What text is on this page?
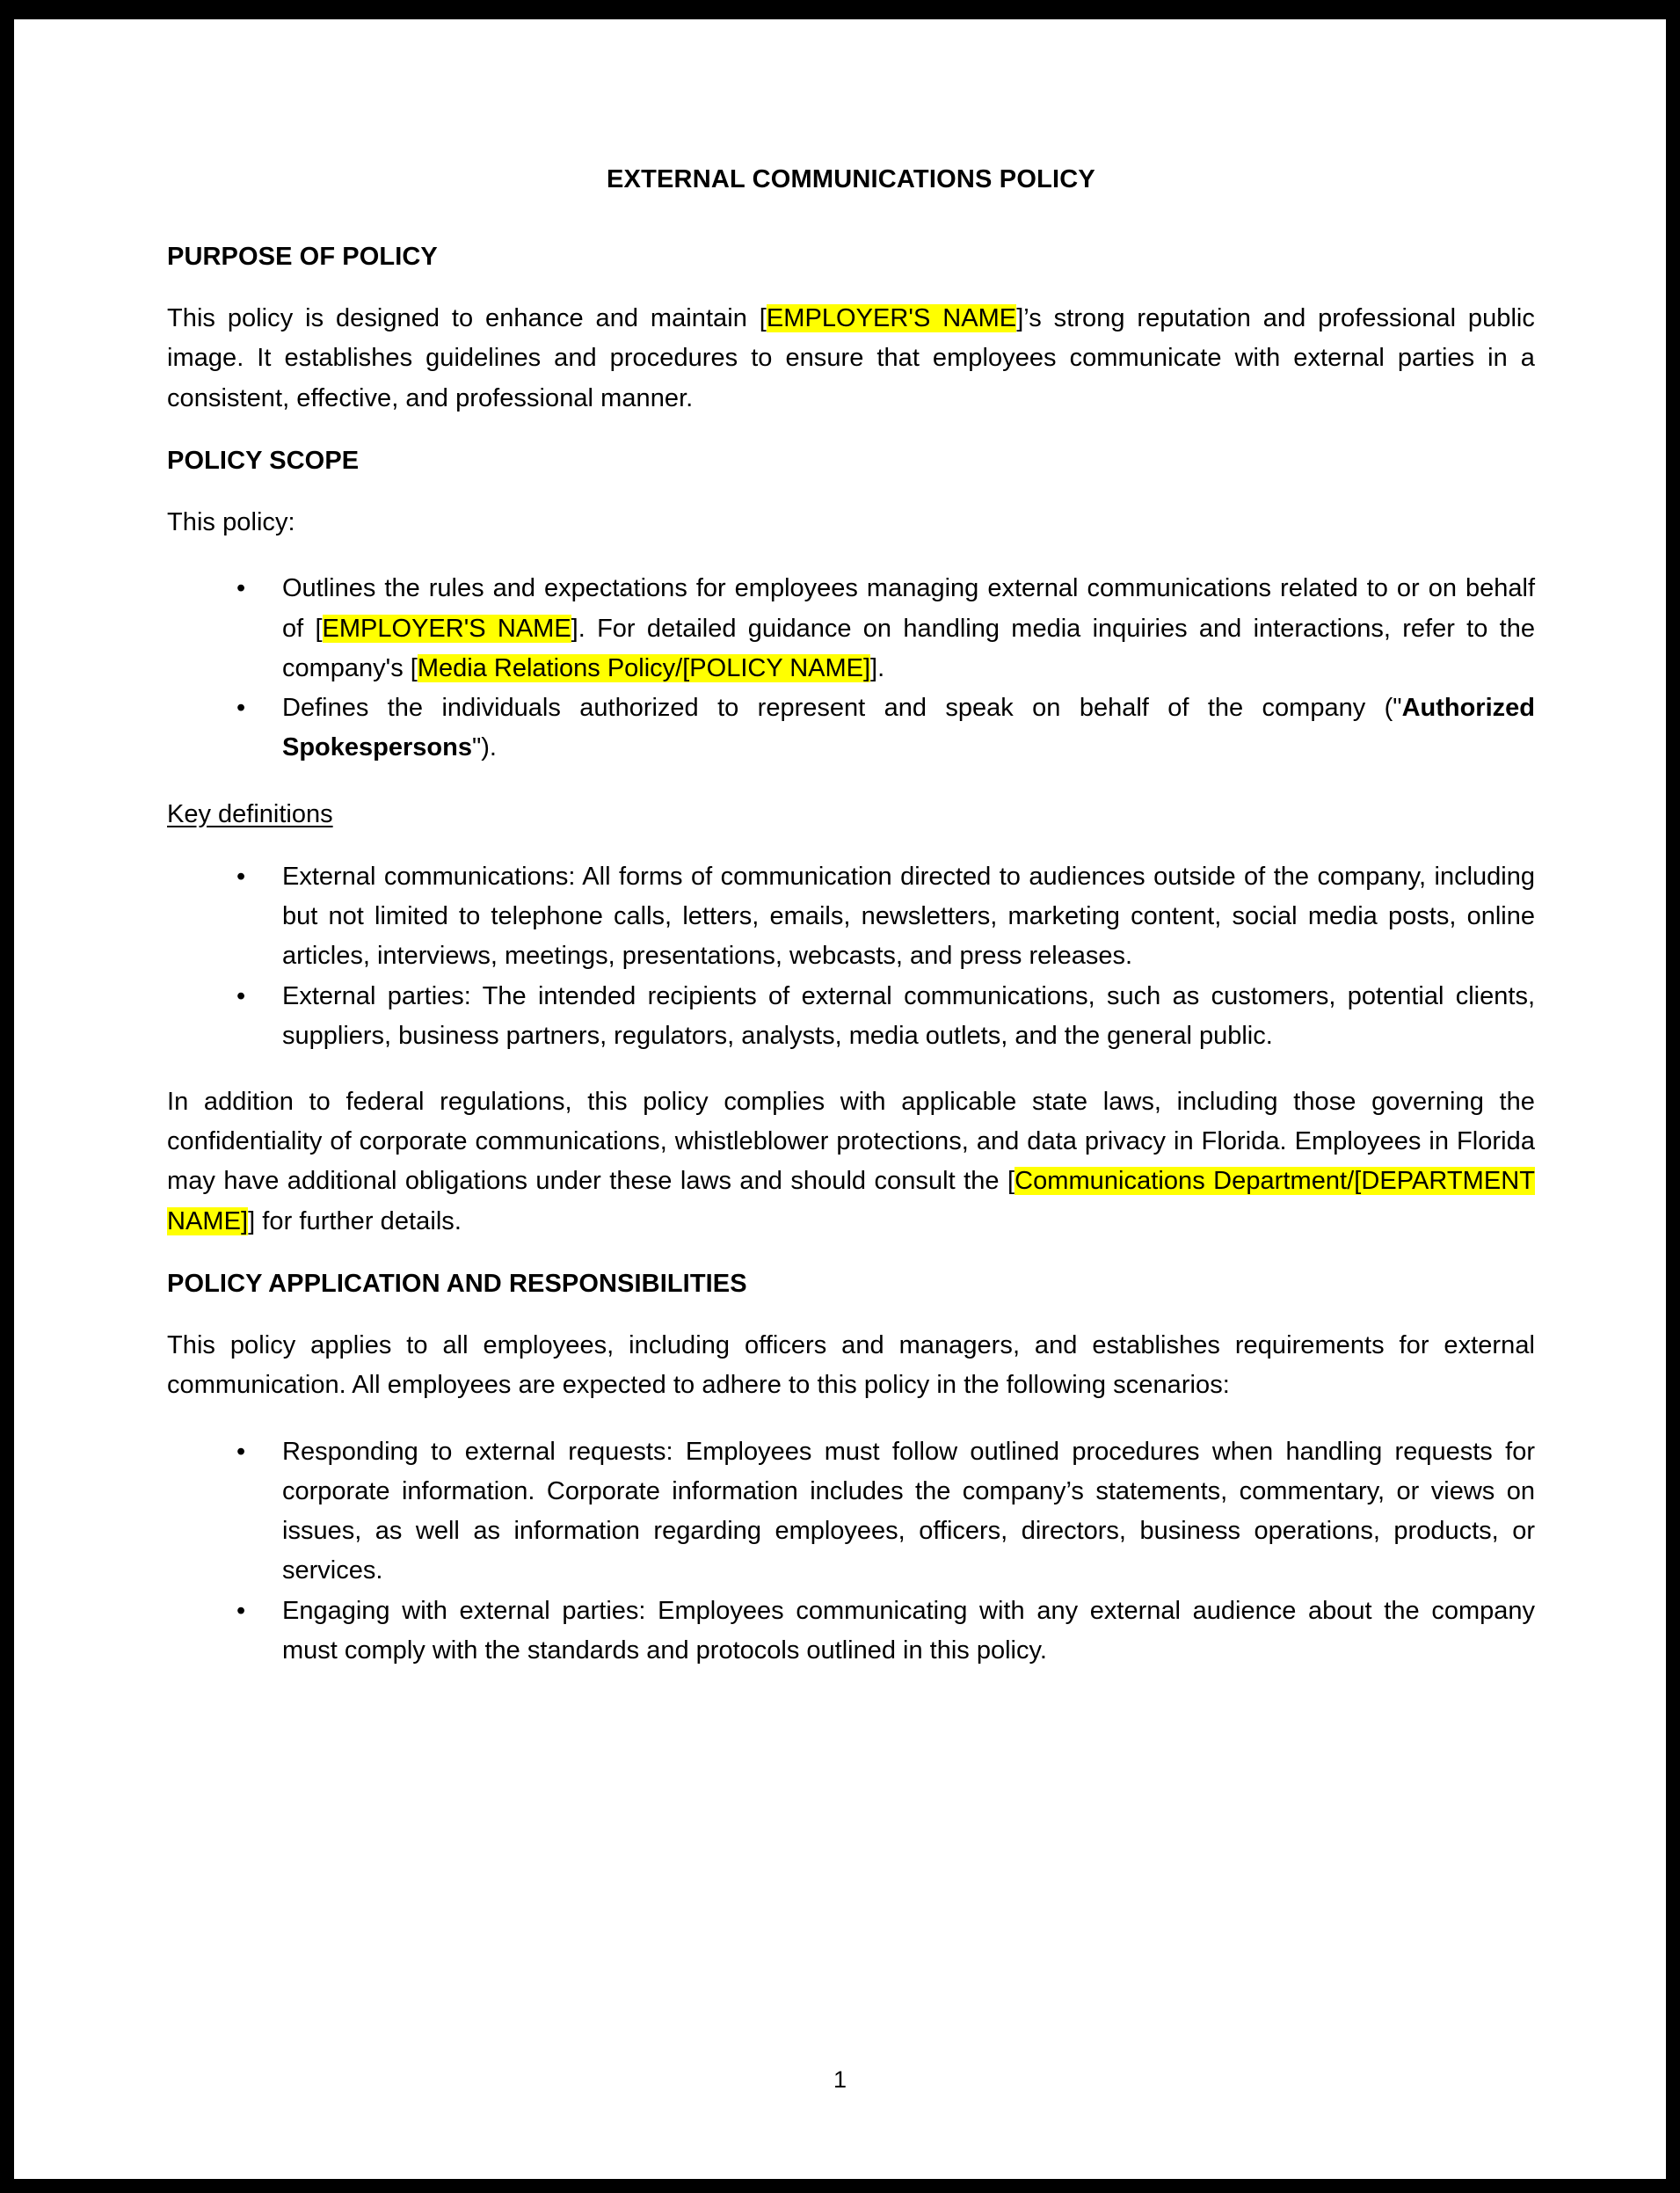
EXTERNAL COMMUNICATIONS POLICY
PURPOSE OF POLICY

This policy is designed to enhance and maintain [EMPLOYER'S NAME]’s strong reputation and professional public image. It establishes guidelines and procedures to ensure that employees communicate with external parties in a consistent, effective, and professional manner.

POLICY SCOPE

This policy:

• Outlines the rules and expectations for employees managing external communications related to or on behalf of [EMPLOYER'S NAME]. For detailed guidance on handling media inquiries and interactions, refer to the company's [Media Relations Policy/[POLICY NAME]].
• Defines the individuals authorized to represent and speak on behalf of the company ("Authorized Spokespersons").

Key definitions

• External communications: All forms of communication directed to audiences outside of the company, including but not limited to telephone calls, letters, emails, newsletters, marketing content, social media posts, online articles, interviews, meetings, presentations, webcasts, and press releases.
• External parties: The intended recipients of external communications, such as customers, potential clients, suppliers, business partners, regulators, analysts, media outlets, and the general public.

In addition to federal regulations, this policy complies with applicable state laws, including those governing the confidentiality of corporate communications, whistleblower protections, and data privacy in Florida. Employees in Florida may have additional obligations under these laws and should consult the [Communications Department/[DEPARTMENT NAME]] for further details.

POLICY APPLICATION AND RESPONSIBILITIES

This policy applies to all employees, including officers and managers, and establishes requirements for external communication. All employees are expected to adhere to this policy in the following scenarios:

• Responding to external requests: Employees must follow outlined procedures when handling requests for corporate information. Corporate information includes the company’s statements, commentary, or views on issues, as well as information regarding employees, officers, directors, business operations, products, or services.
• Engaging with external parties: Employees communicating with any external audience about the company must comply with the standards and protocols outlined in this policy.
1
